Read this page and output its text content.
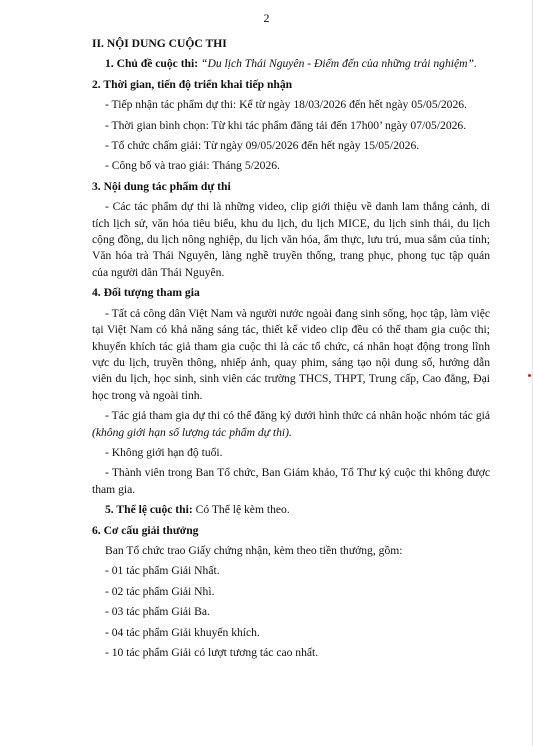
2

II. NỘI DUNG CUỘC THI

1. Chủ đề cuộc thi: “Du lịch Thái Nguyên - Điểm đến của những trải nghiệm”.

2. Thời gian, tiến độ triển khai tiếp nhận

- Tiếp nhận tác phẩm dự thi: Kể từ ngày 18/03/2026 đến hết ngày 05/05/2026.

- Thời gian bình chọn: Từ khi tác phẩm đăng tải đến 17h00’ ngày 07/05/2026.

- Tổ chức chấm giải: Từ ngày 09/05/2026 đến hết ngày 15/05/2026.

- Công bố và trao giải: Tháng 5/2026.

3. Nội dung tác phẩm dự thi

- Các tác phẩm dự thi là những video, clip giới thiệu về danh lam thắng cảnh, di tích lịch sử, văn hóa tiêu biểu, khu du lịch, du lịch MICE, du lịch sinh thái, du lịch cộng đồng, du lịch nông nghiệp, du lịch văn hóa, ẩm thực, lưu trú, mua sắm của tỉnh; Văn hóa trà Thái Nguyên, làng nghề truyền thống, trang phục, phong tục tập quán của người dân Thái Nguyên.

4. Đối tượng tham gia

- Tất cả công dân Việt Nam và người nước ngoài đang sinh sống, học tập, làm việc tại Việt Nam có khả năng sáng tác, thiết kế video clip đều có thể tham gia cuộc thi; khuyến khích tác giả tham gia cuộc thi là các tổ chức, cá nhân hoạt động trong lĩnh vực du lịch, truyền thông, nhiếp ảnh, quay phim, sáng tạo nội dung số, hướng dẫn viên du lịch, học sinh, sinh viên các trường THCS, THPT, Trung cấp, Cao đẳng, Đại học trong và ngoài tỉnh.

- Tác giả tham gia dự thi có thể đăng ký dưới hình thức cá nhân hoặc nhóm tác giả (không giới hạn số lượng tác phẩm dự thi).

- Không giới hạn độ tuổi.

- Thành viên trong Ban Tổ chức, Ban Giám khảo, Tổ Thư ký cuộc thi không được tham gia.

5. Thể lệ cuộc thi: Có Thể lệ kèm theo.

6. Cơ cấu giải thưởng

Ban Tổ chức trao Giấy chứng nhận, kèm theo tiền thưởng, gồm:

- 01 tác phẩm Giải Nhất.

- 02 tác phẩm Giải Nhì.

- 03 tác phẩm Giải Ba.

- 04 tác phẩm Giải khuyến khích.

- 10 tác phẩm Giải có lượt tương tác cao nhất.
